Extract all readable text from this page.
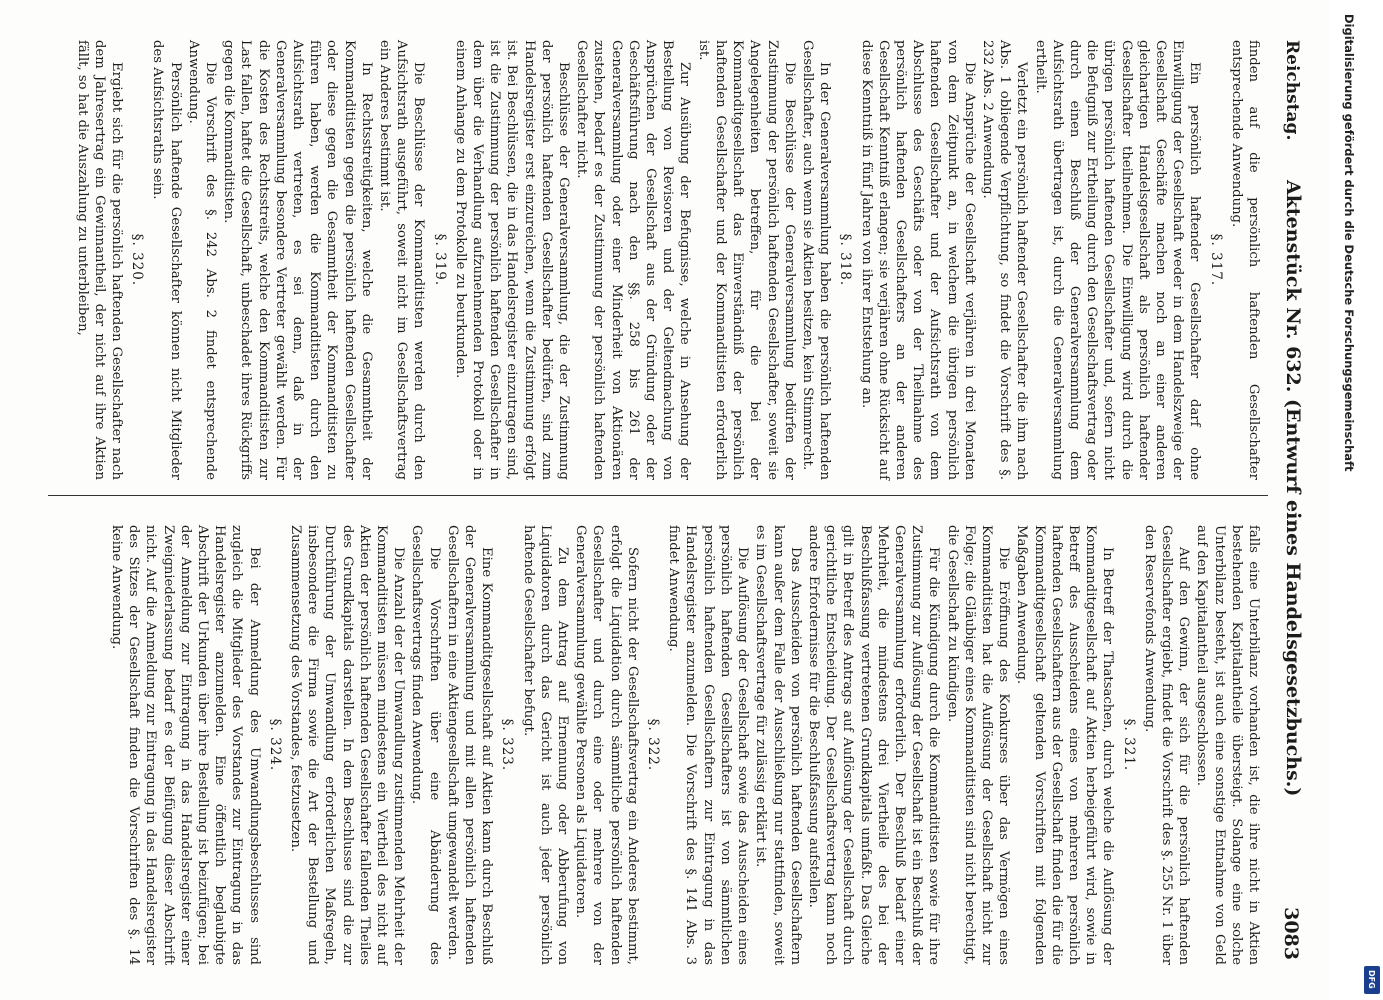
Reichstag.
Aktenstück Nr. 632. (Entwurf eines Handelsgesetzbuchs.)
3083
finden auf die persönlich haftenden Gesellschafter entsprechende Anwendung.
§. 317.
Ein persönlich haftender Gesellschafter darf ohne Einwilligung der Gesellschaft weder in dem Handelszweige der Gesellschaft Geschäfte machen noch an einer anderen gleichartigen Handelsgesellschaft als persönlich haftender Gesellschafter theilnehmen. Die Einwilligung wird durch die übrigen persönlich haftenden Gesellschafter und, sofern nicht die Befugniß zur Ertheilung durch den Gesellschaftsvertrag oder durch einen Beschluß der Generalversammlung dem Aufsichtsrath übertragen ist, durch die Generalversammlung ertheilt.
Verletzt ein persönlich haftender Gesellschafter die ihm nach Abs. 1 obliegende Verpflichtung, so findet die Vorschrift des §. 232 Abs. 2 Anwendung.
Die Ansprüche der Gesellschaft verjähren in drei Monaten von dem Zeitpunkt an, in welchem die übrigen persönlich haftenden Gesellschafter und der Aufsichtsrath von dem Abschlusse des Geschäfts oder von der Theilnahme des persönlich haftenden Gesellschafters an der anderen Gesellschaft Kenntniß erlangen; sie verjähren ohne Rücksicht auf diese Kenntniß in fünf Jahren von ihrer Entstehung an.
§. 318.
In der Generalversammlung haben die persönlich haftenden Gesellschafter, auch wenn sie Aktien besitzen, kein Stimmrecht.
Die Beschlüsse der Generalversammlung bedürfen der Zustimmung der persönlich haftenden Gesellschafter, soweit sie Angelegenheiten betreffen, für die bei der Kommanditgesellschaft das Einverständniß der persönlich haftenden Gesellschafter und der Kommanditisten erforderlich ist.
Zur Ausübung der Befugnisse, welche in Ansehung der Bestellung von Revisoren und der Geltendmachung von Ansprüchen der Gesellschaft aus der Gründung oder der Geschäftsführung nach den §§. 258 bis 261 der Generalversammlung oder einer Minderheit von Aktionären zustehen, bedarf es der Zustimmung der persönlich haftenden Gesellschafter nicht.
Beschlüsse der Generalversammlung, die der Zustimmung der persönlich haftenden Gesellschafter bedürfen, sind zum Handelsregister erst einzureichen, wenn die Zustimmung erfolgt ist. Bei Beschlüssen, die in das Handelsregister einzutragen sind, ist die Zustimmung der persönlich haftenden Gesellschafter in dem über die Verhandlung aufzunehmenden Protokoll oder in einem Anhange zu dem Protokolle zu beurkunden.
§. 319.
Die Beschlüsse der Kommanditisten werden durch den Aufsichtsrath ausgeführt, soweit nicht im Gesellschaftsvertrag ein Anderes bestimmt ist.
In Rechtsstreitigkeiten, welche die Gesammtheit der Kommanditisten gegen die persönlich haftenden Gesellschafter oder diese gegen die Gesammtheit der Kommanditisten zu führen haben, werden die Kommanditisten durch den Aufsichtsrath vertreten, es sei denn, daß in der Generalversammlung besondere Vertreter gewählt werden. Für die Kosten des Rechtsstreits, welche den Kommanditisten zur Last fallen, haftet die Gesellschaft, unbeschadet ihres Rückgriffs gegen die Kommanditisten.
Die Vorschrift des §. 242 Abs. 2 findet entsprechende Anwendung.
Persönlich haftende Gesellschafter können nicht Mitglieder des Aufsichtsraths sein.
§. 320.
Ergiebt sich für die persönlich haftenden Gesellschafter nach dem Jahresertrag ein Gewinnantheil, der nicht auf ihre Aktien fällt, so hat die Auszahlung zu unterbleiben,
falls eine Unterbilanz vorhanden ist, die ihre nicht in Aktien bestehenden Kapitalantheile übersteigt. Solange eine solche Unterbilanz besteht, ist auch eine sonstige Entnahme von Geld auf den Kapitalantheil ausgeschlossen.
Auf den Gewinn, der sich für die persönlich haftenden Gesellschafter ergiebt, findet die Vorschrift des §. 255 Nr. 1 über den Reservefonds Anwendung.
§. 321.
In Betreff der Thatsachen, durch welche die Auflösung der Kommanditgesellschaft auf Aktien herbeigeführt wird, sowie in Betreff des Ausscheidens eines von mehreren persönlich haftenden Gesellschaftern aus der Gesellschaft finden die für die Kommanditgesellschaft geltenden Vorschriften mit folgenden Maßgaben Anwendung.
Die Eröffnung des Konkurses über das Vermögen eines Kommanditisten hat die Auflösung der Gesellschaft nicht zur Folge; die Gläubiger eines Kommanditisten sind nicht berechtigt, die Gesellschaft zu kündigen.
Für die Kündigung durch die Kommanditisten sowie für ihre Zustimmung zur Auflösung der Gesellschaft ist ein Beschluß der Generalversammlung erforderlich. Der Beschluß bedarf einer Mehrheit, die mindestens drei Viertheile des bei der Beschlußfassung vertretenen Grundkapitals umfaßt. Das Gleiche gilt in Betreff des Antrags auf Auflösung der Gesellschaft durch gerichtliche Entscheidung. Der Gesellschaftsvertrag kann noch andere Erfordernisse für die Beschlußfassung aufstellen.
Das Ausscheiden von persönlich haftenden Gesellschaftern kann außer dem Falle der Ausschließung nur stattfinden, soweit es im Gesellschaftsvertrage für zulässig erklärt ist.
Die Auflösung der Gesellschaft sowie das Ausscheiden eines persönlich haftenden Gesellschafters ist von sämmtlichen persönlich haftenden Gesellschaftern zur Eintragung in das Handelsregister anzumelden. Die Vorschrift des §. 141 Abs. 3 findet Anwendung.
§. 322.
Sofern nicht der Gesellschaftsvertrag ein Anderes bestimmt, erfolgt die Liquidation durch sämmtliche persönlich haftenden Gesellschafter und durch eine oder mehrere von der Generalversammlung gewählte Personen als Liquidatoren.
Zu dem Antrag auf Ernennung oder Abberufung von Liquidatoren durch das Gericht ist auch jeder persönlich haftende Gesellschafter befugt.
§. 323.
Eine Kommanditgesellschaft auf Aktien kann durch Beschluß der Generalversammlung und mit allen persönlich haftenden Gesellschaftern in eine Aktiengesellschaft umgewandelt werden.
Die Vorschriften über eine Abänderung des Gesellschaftsvertrags finden Anwendung.
Die Anzahl der der Umwandlung zustimmenden Mehrheit der Kommanditisten müssen mindestens ein Viertheil des nicht auf Aktien der persönlich haftenden Gesellschafter fallenden Theiles des Grundkapitals darstellen. In dem Beschlusse sind die zur Durchführung der Umwandlung erforderlichen Maßregeln, insbesondere die Firma sowie die Art der Bestellung und Zusammensetzung des Vorstandes, festzusetzen.
§. 324.
Bei der Anmeldung des Umwandlungsbeschlusses sind zugleich die Mitglieder des Vorstandes zur Eintragung in das Handelsregister anzumelden. Eine öffentlich beglaubigte Abschrift der Urkunden über ihre Bestellung ist beizufügen; bei der Anmeldung zur Eintragung in das Handelsregister einer Zweigniederlassung bedarf es der Beifügung dieser Abschrift nicht. Auf die Anmeldung zur Eintragung in das Handelsregister des Sitzes der Gesellschaft finden die Vorschriften des §. 14 keine Anwendung.
Digitalisierung gefördert durch die Deutsche Forschungsgemeinschaft
DFG
